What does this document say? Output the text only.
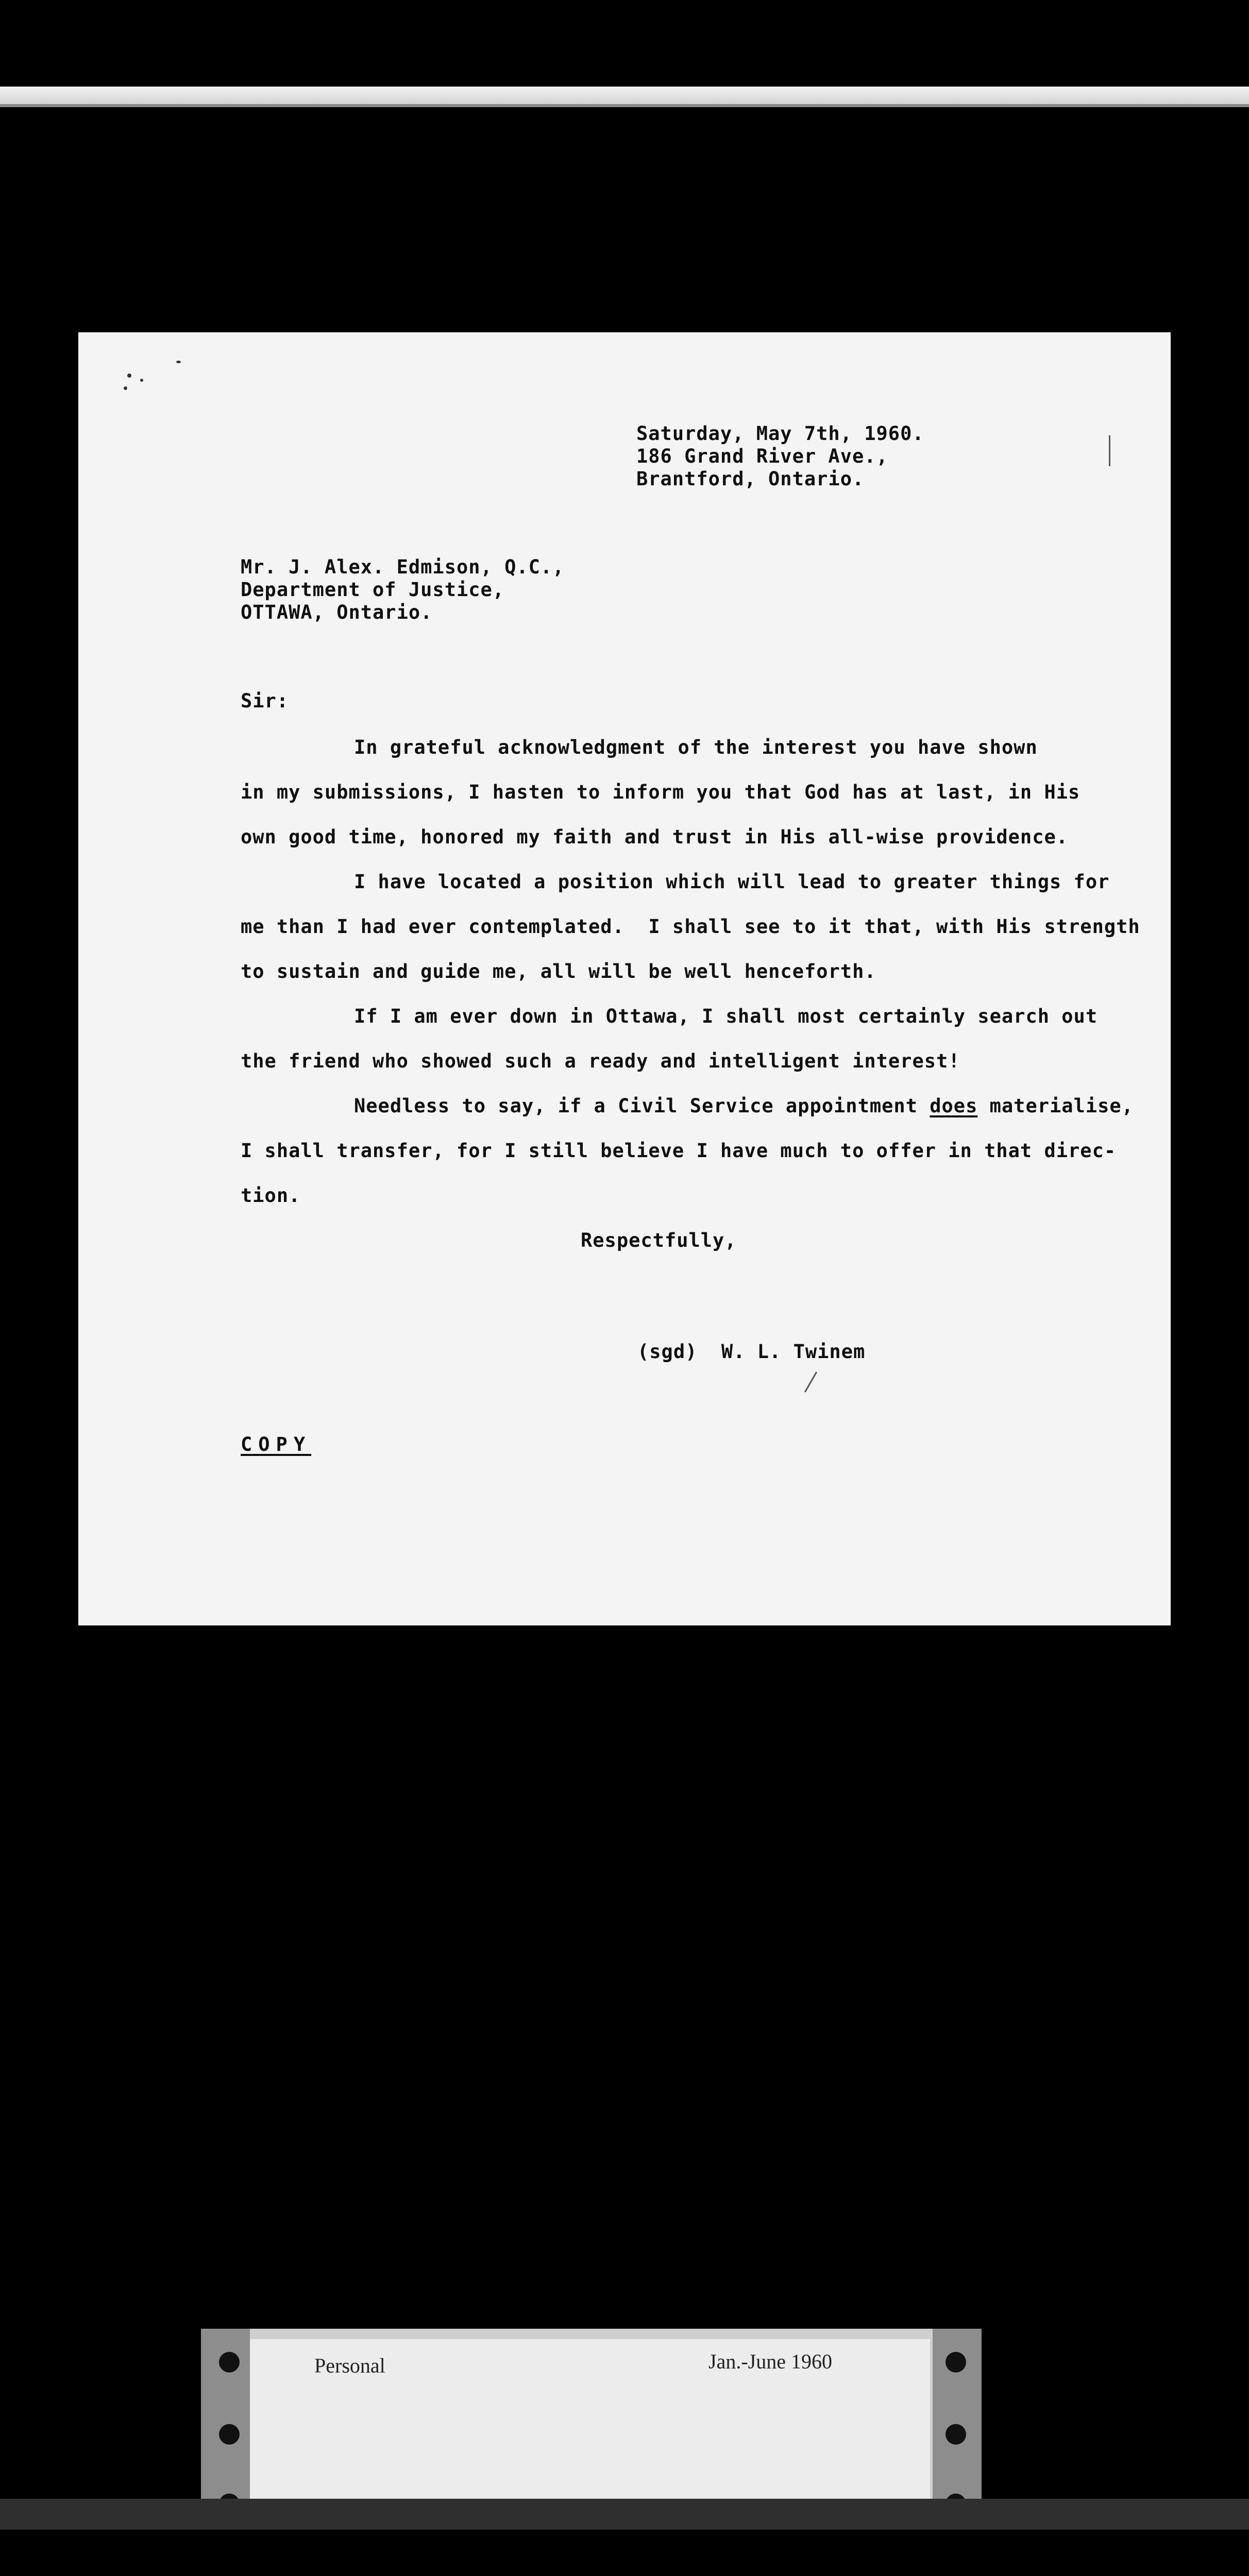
Saturday, May 7th, 1960.
186 Grand River Ave.,
Brantford, Ontario.
Mr. J. Alex. Edmison, Q.C.,
Department of Justice,
OTTAWA, Ontario.
Sir:
In grateful acknowledgment of the interest you have shown
in my submissions, I hasten to inform you that God has at last, in His
own good time, honored my faith and trust in His all-wise providence.
I have located a position which will lead to greater things for
me than I had ever contemplated.  I shall see to it that, with His strength
to sustain and guide me, all will be well henceforth.
If I am ever down in Ottawa, I shall most certainly search out
the friend who showed such a ready and intelligent interest!
Needless to say, if a Civil Service appointment does materialise,
I shall transfer, for I still believe I have much to offer in that direc-
tion.
Respectfully,
(sgd)  W. L. Twinem
COPY
Personal	Jan.-June 1960
